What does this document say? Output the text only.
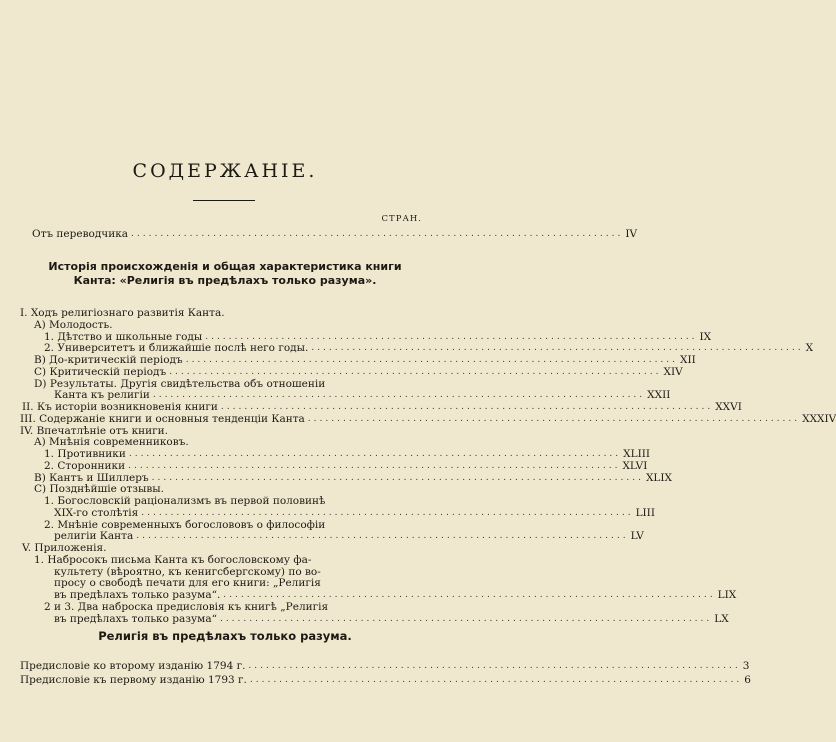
СОДЕРЖАНІЕ.
СТРАН.
Отъ переводчика .................................................................................... IV
Исторія происхожденія и общая характеристика книги
Канта: «Религія въ предѣлахъ только разума».
I. Ходъ религіознаго развитія Канта.
A) Молодость.
1. Дѣтство и школьные годы .................................................................................... IX
2. Университетъ и ближайшіе послѣ него годы. .................................................................................... X
B) До-критическій періодъ .................................................................................... XII
C) Критическій періодъ .................................................................................... XIV
D) Результаты. Другія свидѣтельства объ отношеніи
Канта къ религіи .................................................................................... XXII
II. Къ исторіи возникновенія книги .................................................................................... XXVI
III. Содержаніе книги и основныя тенденціи Канта .................................................................................... XXXIV
IV. Впечатлѣніе отъ книги.
A) Мнѣнія современниковъ.
1. Противники .................................................................................... XLIII
2. Сторонники .................................................................................... XLVI
B) Кантъ и Шиллеръ .................................................................................... XLIX
C) Позднѣйшіе отзывы.
1. Богословскій раціонализмъ въ первой половинѣ
XIX-го столѣтія .................................................................................... LIII
2. Мнѣніе современныхъ богослововъ о философіи
религіи Канта .................................................................................... LV
V. Приложенія.
1. Набросокъ письма Канта къ богословскому фа-
культету (вѣроятно, къ кенигсбергскому) по во-
просу о свободѣ печати для его книги: „Религія
въ предѣлахъ только разума“. .................................................................................... LIX
2 и 3. Два наброска предисловія къ книгѣ „Религія
въ предѣлахъ только разума“ .................................................................................... LX
Религія въ предѣлахъ только разума.
Предисловіе ко второму изданію 1794 г. .................................................................................... 3
Предисловіе къ первому изданію 1793 г. .................................................................................... 6
